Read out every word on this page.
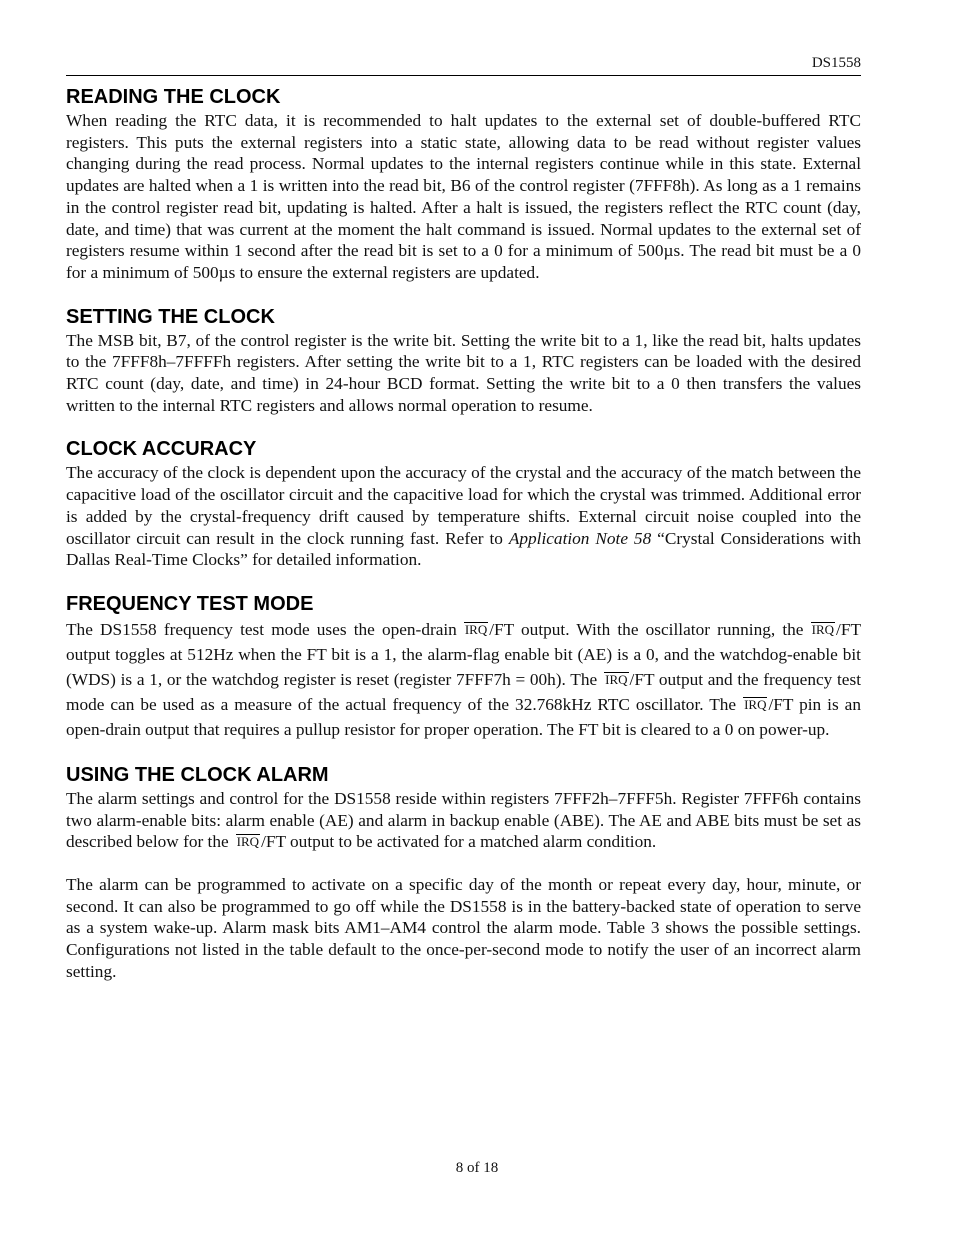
DS1558
READING THE CLOCK

When reading the RTC data, it is recommended to halt updates to the external set of double-buffered RTC registers. This puts the external registers into a static state, allowing data to be read without register values changing during the read process. Normal updates to the internal registers continue while in this state. External updates are halted when a 1 is written into the read bit, B6 of the control register (7FFF8h). As long as a 1 remains in the control register read bit, updating is halted. After a halt is issued, the registers reflect the RTC count (day, date, and time) that was current at the moment the halt command is issued. Normal updates to the external set of registers resume within 1 second after the read bit is set to a 0 for a minimum of 500µs. The read bit must be a 0 for a minimum of 500µs to ensure the external registers are updated.

SETTING THE CLOCK

The MSB bit, B7, of the control register is the write bit. Setting the write bit to a 1, like the read bit, halts updates to the 7FFF8h–7FFFFh registers. After setting the write bit to a 1, RTC registers can be loaded with the desired RTC count (day, date, and time) in 24-hour BCD format. Setting the write bit to a 0 then transfers the values written to the internal RTC registers and allows normal operation to resume.

CLOCK ACCURACY

The accuracy of the clock is dependent upon the accuracy of the crystal and the accuracy of the match between the capacitive load of the oscillator circuit and the capacitive load for which the crystal was trimmed. Additional error is added by the crystal-frequency drift caused by temperature shifts. External circuit noise coupled into the oscillator circuit can result in the clock running fast. Refer to Application Note 58 “Crystal Considerations with Dallas Real-Time Clocks” for detailed information.

FREQUENCY TEST MODE

The DS1558 frequency test mode uses the open-drain IRQ /FT output. With the oscillator running, the IRQ /FT output toggles at 512Hz when the FT bit is a 1, the alarm-flag enable bit (AE) is a 0, and the watchdog-enable bit (WDS) is a 1, or the watchdog register is reset (register 7FFF7h = 00h). The IRQ /FT output and the frequency test mode can be used as a measure of the actual frequency of the 32.768kHz RTC oscillator. The IRQ /FT pin is an open-drain output that requires a pullup resistor for proper operation. The FT bit is cleared to a 0 on power-up.

USING THE CLOCK ALARM

The alarm settings and control for the DS1558 reside within registers 7FFF2h–7FFF5h. Register 7FFF6h contains two alarm-enable bits: alarm enable (AE) and alarm in backup enable (ABE). The AE and ABE bits must be set as described below for the IRQ /FT output to be activated for a matched alarm condition.

The alarm can be programmed to activate on a specific day of the month or repeat every day, hour, minute, or second. It can also be programmed to go off while the DS1558 is in the battery-backed state of operation to serve as a system wake-up. Alarm mask bits AM1–AM4 control the alarm mode. Table 3 shows the possible settings. Configurations not listed in the table default to the once-per-second mode to notify the user of an incorrect alarm setting.

8 of 18
